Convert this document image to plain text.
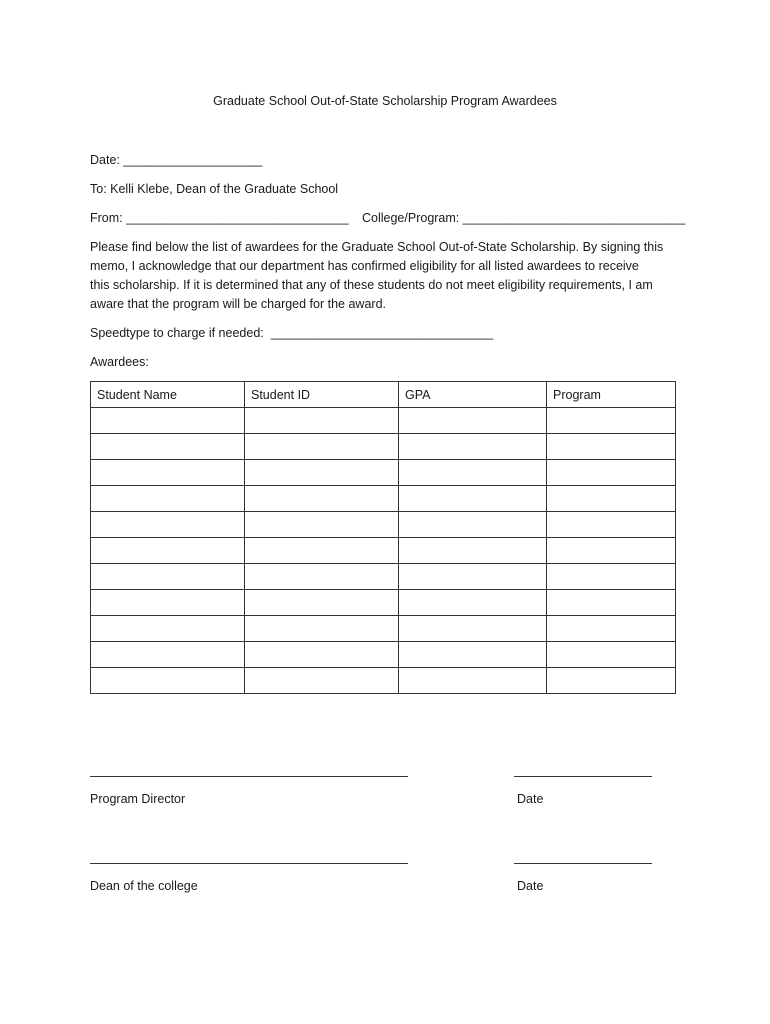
Graduate School Out-of-State Scholarship Program Awardees
Date: ____________________
To: Kelli Klebe, Dean of the Graduate School
From: ________________________________ College/Program: ________________________________
Please find below the list of awardees for the Graduate School Out-of-State Scholarship. By signing this
memo, I acknowledge that our department has confirmed eligibility for all listed awardees to receive
this scholarship. If it is determined that any of these students do not meet eligibility requirements, I am
aware that the program will be charged for the award.
Speedtype to charge if needed:  ________________________________
Awardees:
Student Name	Student ID	GPA	Program

Program Director	Date
Dean of the college	Date
